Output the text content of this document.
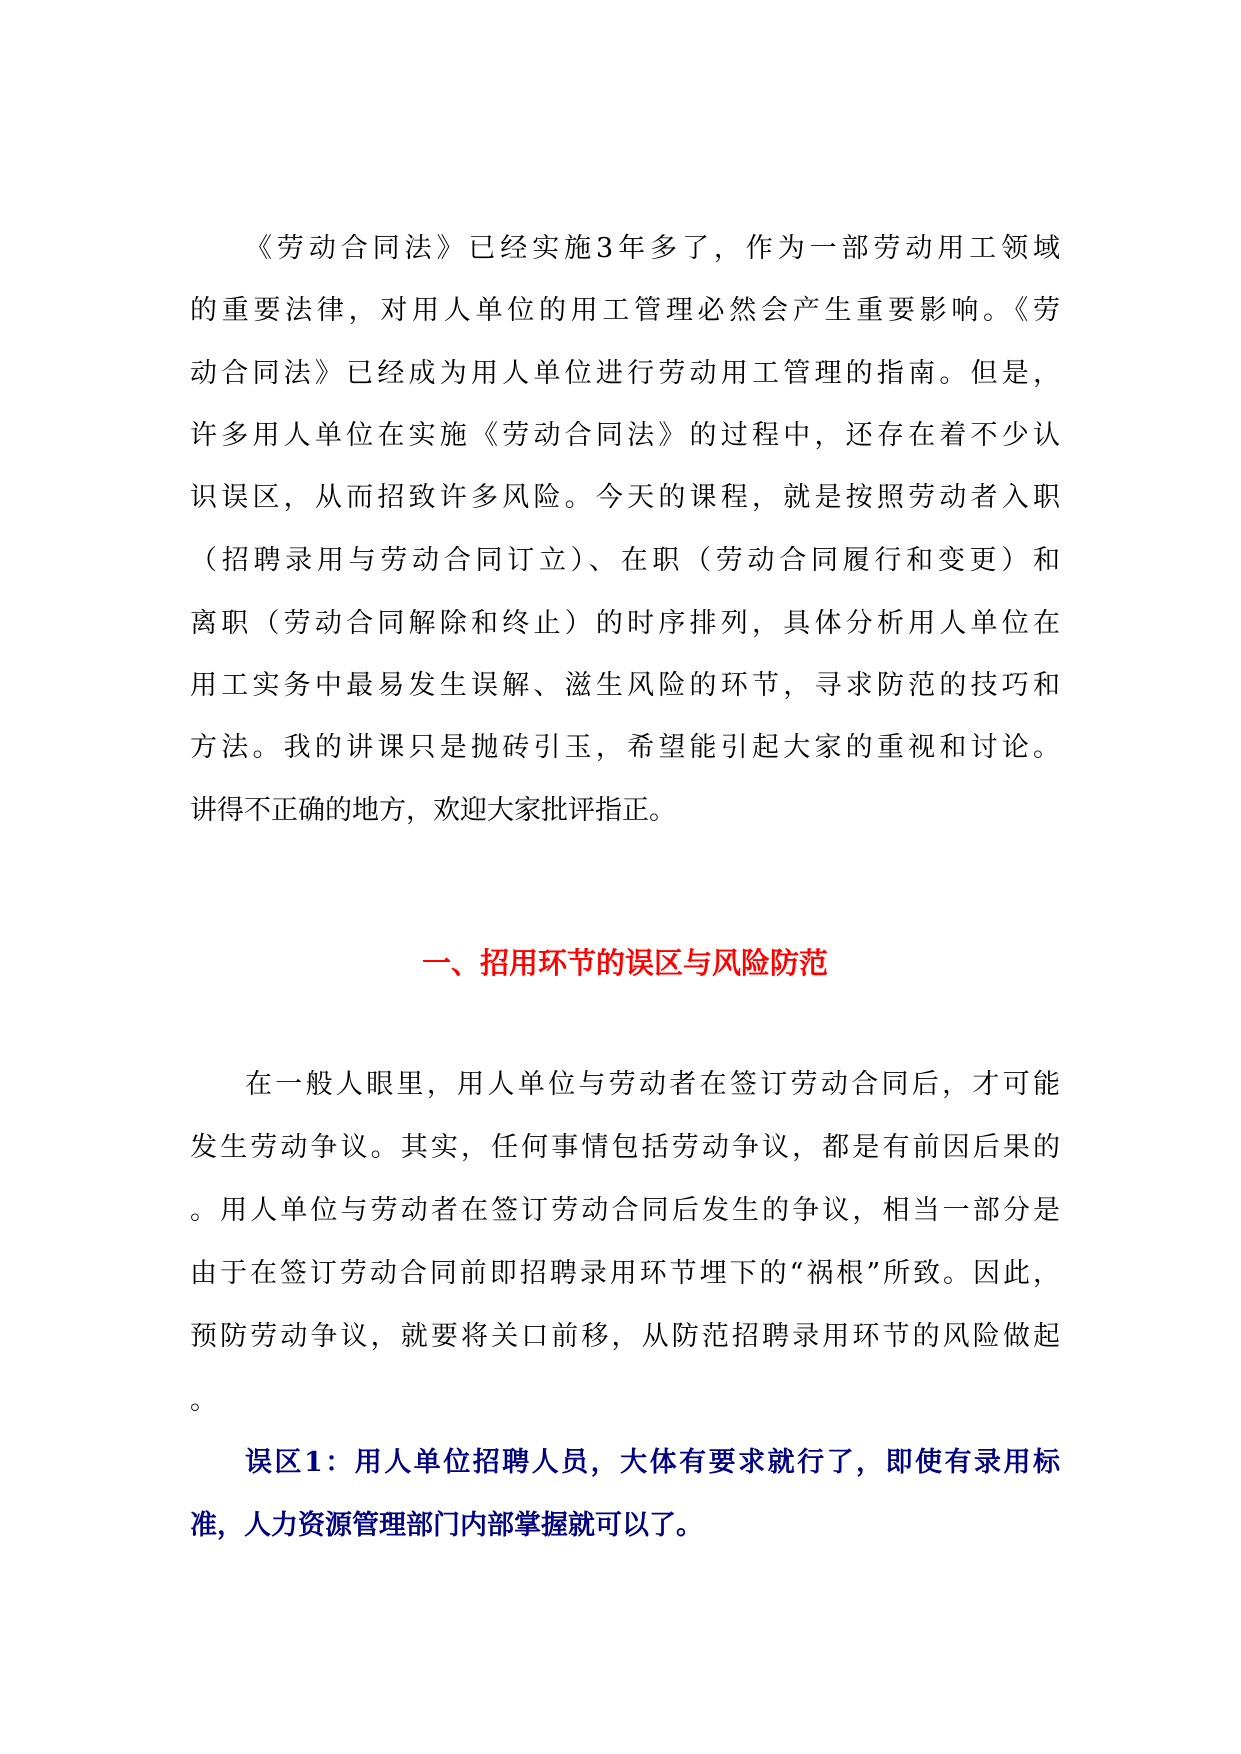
《劳动合同法》已经实施3年多了，作为一部劳动用工领域

的重要法律，对用人单位的用工管理必然会产生重要影响。《劳

动合同法》已经成为用人单位进行劳动用工管理的指南。但是，

许多用人单位在实施《劳动合同法》的过程中，还存在着不少认

识误区，从而招致许多风险。今天的课程，就是按照劳动者入职

（招聘录用与劳动合同订立）、在职（劳动合同履行和变更）和

离职（劳动合同解除和终止）的时序排列，具体分析用人单位在

用工实务中最易发生误解、滋生风险的环节，寻求防范的技巧和

方法。我的讲课只是抛砖引玉，希望能引起大家的重视和讨论。

讲得不正确的地方，欢迎大家批评指正。

一、招用环节的误区与风险防范

在一般人眼里，用人单位与劳动者在签订劳动合同后，才可能

发生劳动争议。其实，任何事情包括劳动争议，都是有前因后果的

。用人单位与劳动者在签订劳动合同后发生的争议，相当一部分是

由于在签订劳动合同前即招聘录用环节埋下的“祸根”所致。因此，

预防劳动争议，就要将关口前移，从防范招聘录用环节的风险做起

。

误区1：用人单位招聘人员，大体有要求就行了，即使有录用标

准，人力资源管理部门内部掌握就可以了。
